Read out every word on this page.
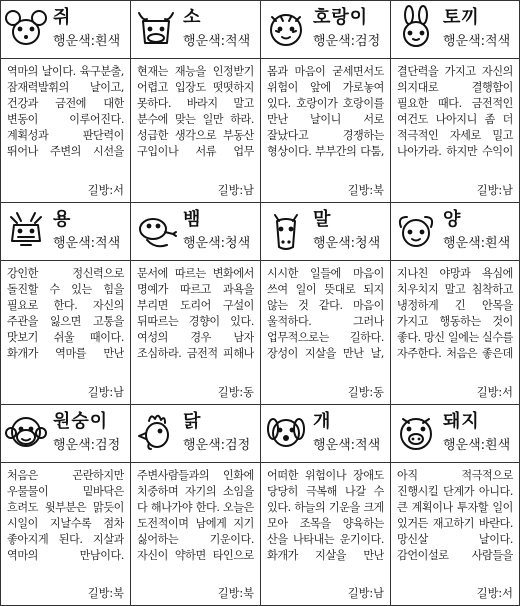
쥐
행운색:흰색
역마의 날이다. 육구분출, 잠재력발휘의 날이고, 건강과 금전에 대한 변동이 이루어진다. 계획성과 판단력이 뛰어나 주변의 시선을
길방:서
소
행운색:적색
현재는 재능을 인정받기 어렵고 입장도 떳떳하지 못하다. 바라지 말고 분수에 맞는 일만 하라. 성급한 생각으로 부동산 구입이나 서류 업무
길방:남
호랑이
행운색:검정
몸과 마음이 굳세면서도 위험이 앞에 가로놓여 있다. 호랑이가 호랑이를 만난 날이니 서로 잘났다고 경쟁하는 형상이다. 부부간의 다툼,
길방:북
토끼
행운색:적색
결단력을 가지고 자신의 의지대로 결행함이 필요한 때다. 금전적인 여건도 나아지니 좀 더 적극적인 자세로 밀고 나아가라. 하지만 수익이
길방:남
용
행운색:적색
강인한 정신력으로 돌진할 수 있는 힘을 필요로 한다. 자신의 주관을 잃으면 고통을 맛보기 쉬울 때이다. 화개가 역마를 만난
길방:남
뱀
행운색:청색
문서에 따르는 변화에서 명예가 따르고 과욕을 부리면 도리어 구설이 뒤따르는 경향이 있다. 여성의 경우 남자 조심하라. 금전적 피해나
길방:동
말
행운색:청색
시시한 일들에 마음이 쓰여 일이 뜻대로 되지 않는 것 같다. 마음이 울적하다. 그러나 업무적으로는 길하다. 장성이 지살을 만난 날,
길방:동
양
행운색:흰색
지나친 야망과 욕심에 치우치지 말고 침착하고 냉정하게 긴 안목을 가지고 행동하는 것이 좋다. 망신 일에는 실수를 자주한다. 처음은 좋은데
길방:서
원숭이
행운색:검정
처음은 곤란하지만 우물물이 밑바닥은 흐려도 윗부분은 맑듯이 시일이 지날수록 점차 좋아지게 된다. 지살과 역마의 만남이다.
길방:북
닭
행운색:검정
주변사람들과의 인화에 치중하며 자기의 소임을 다 해나가야 한다. 오늘은 도전적이며 남에게 지기 싫어하는 기운이다. 자신이 약하면 타인으로
길방:북
개
행운색:적색
어떠한 위험이나 장애도 당당히 극복해 나갈 수 있다. 하늘의 기운을 크게 모아 조목을 양육하는 산을 나타내는 운기이다. 화개가 지살을 만난
길방:남
돼지
행운색:흰색
아직 적극적으로 진행시킬 단계가 아니다. 큰 계획이나 투자할 일이 있거든 재고하기 바란다. 망신살 날이다. 감언이설로 사람들을
길방:서
